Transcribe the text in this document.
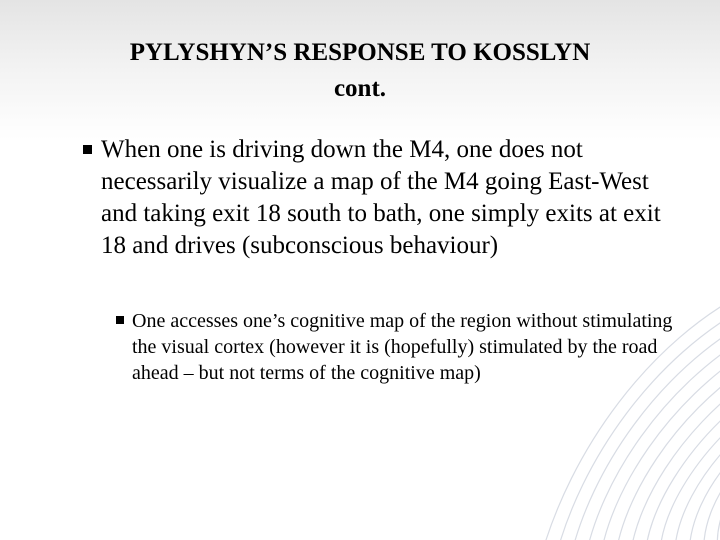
PYLYSHYN’S RESPONSE TO KOSSLYN
cont.
When one is driving down the M4, one does not necessarily visualize a map of the M4 going East-West and taking exit 18 south to bath, one simply exits at exit 18 and drives (subconscious behaviour)
One accesses one’s cognitive map of the region without stimulating the visual cortex (however it is (hopefully) stimulated by the road ahead – but not terms of the cognitive map)
